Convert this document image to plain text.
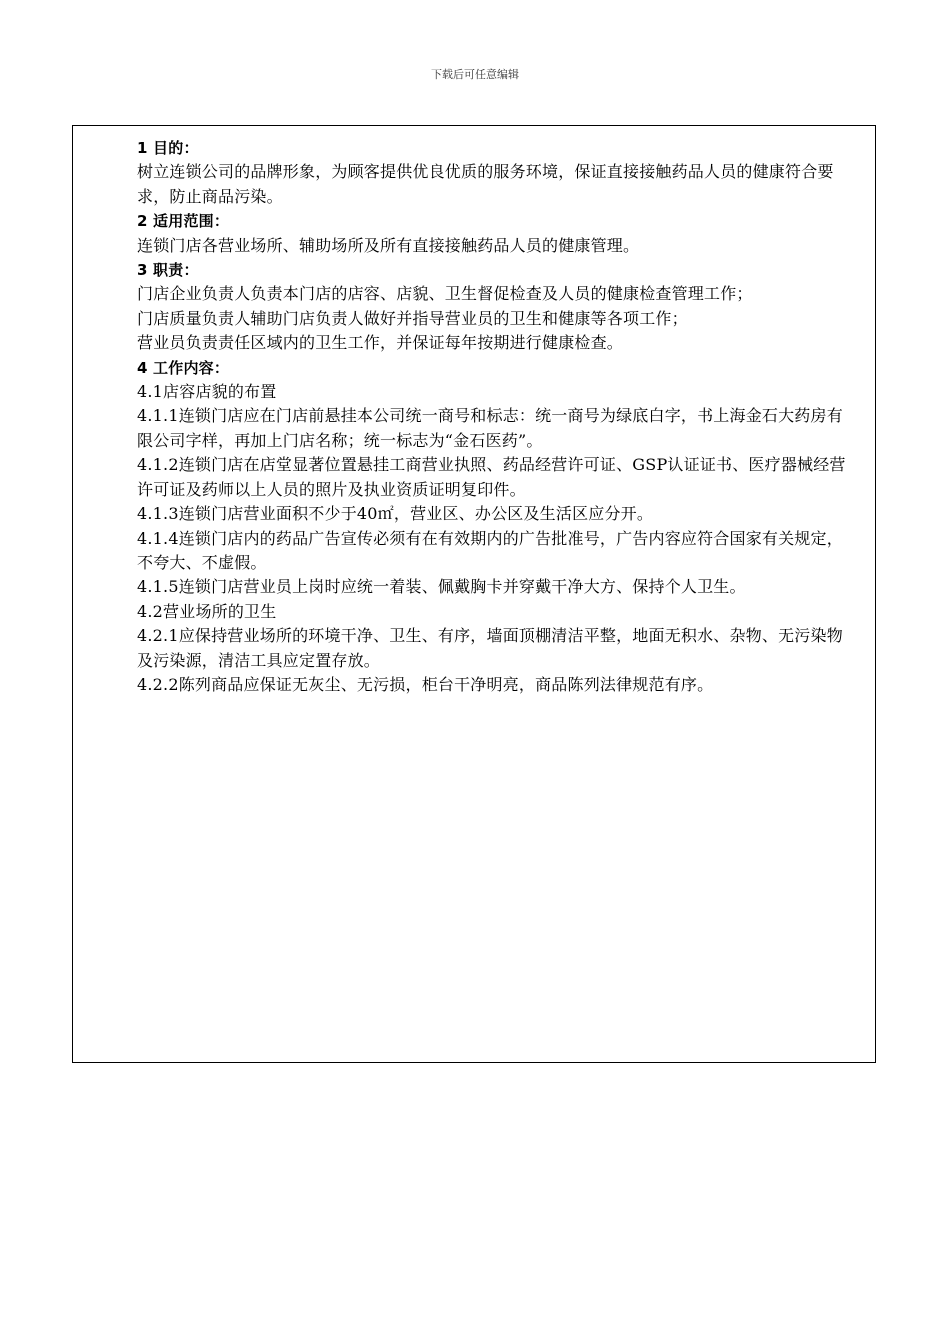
下载后可任意编辑
1 目的：
树立连锁公司的品牌形象，为顾客提供优良优质的服务环境，保证直接接触药品人员的健康符合要求，防止商品污染。
2 适用范围：
连锁门店各营业场所、辅助场所及所有直接接触药品人员的健康管理。
3 职责：
门店企业负责人负责本门店的店容、店貌、卫生督促检查及人员的健康检查管理工作；
门店质量负责人辅助门店负责人做好并指导营业员的卫生和健康等各项工作；
营业员负责责任区域内的卫生工作，并保证每年按期进行健康检查。
4 工作内容：
4.1店容店貌的布置
4.1.1连锁门店应在门店前悬挂本公司统一商号和标志：统一商号为绿底白字，书上海金石大药房有限公司字样，再加上门店名称；统一标志为“金石医药”。
4.1.2连锁门店在店堂显著位置悬挂工商营业执照、药品经营许可证、GSP认证证书、医疗器械经营许可证及药师以上人员的照片及执业资质证明复印件。
4.1.3连锁门店营业面积不少于40㎡，营业区、办公区及生活区应分开。
4.1.4连锁门店内的药品广告宣传必须有在有效期内的广告批准号，广告内容应符合国家有关规定，不夸大、不虚假。
4.1.5连锁门店营业员上岗时应统一着装、佩戴胸卡并穿戴干净大方、保持个人卫生。
4.2营业场所的卫生
4.2.1应保持营业场所的环境干净、卫生、有序，墙面顶棚清洁平整，地面无积水、杂物、无污染物及污染源，清洁工具应定置存放。
4.2.2陈列商品应保证无灰尘、无污损，柜台干净明亮，商品陈列法律规范有序。
